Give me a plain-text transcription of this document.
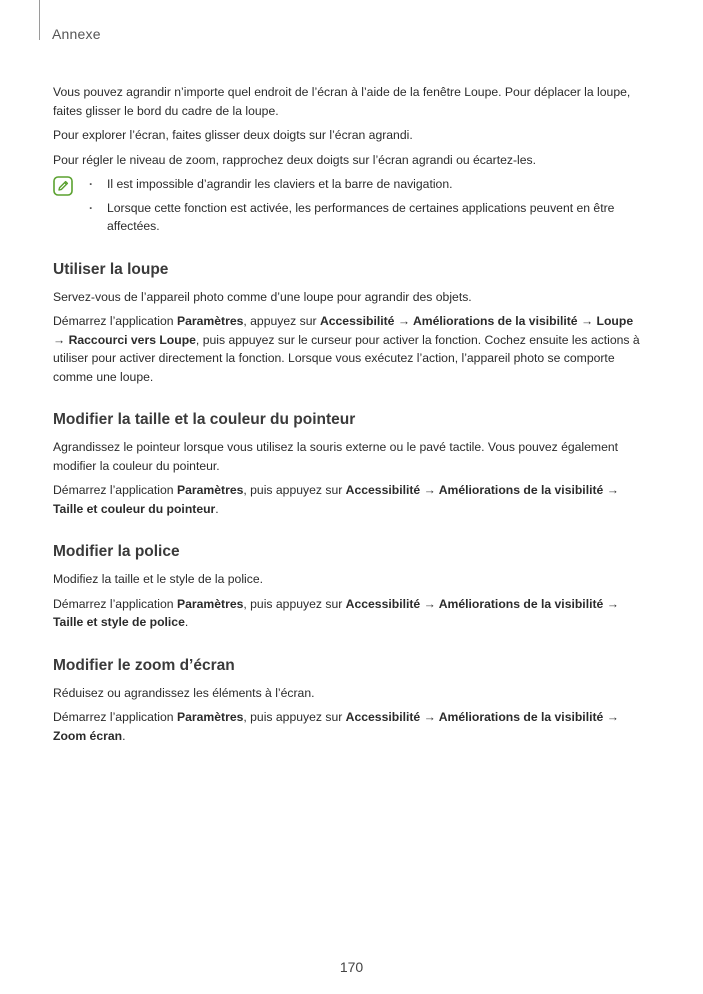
Annexe

Vous pouvez agrandir n’importe quel endroit de l’écran à l’aide de la fenêtre Loupe. Pour déplacer la loupe, faites glisser le bord du cadre de la loupe.

Pour explorer l’écran, faites glisser deux doigts sur l’écran agrandi.

Pour régler le niveau de zoom, rapprochez deux doigts sur l’écran agrandi ou écartez-les.

· Il est impossible d’agrandir les claviers et la barre de navigation.
· Lorsque cette fonction est activée, les performances de certaines applications peuvent en être affectées.
Utiliser la loupe

Servez-vous de l’appareil photo comme d’une loupe pour agrandir des objets.

Démarrez l’application Paramètres, appuyez sur Accessibilité → Améliorations de la visibilité → Loupe
→ Raccourci vers Loupe, puis appuyez sur le curseur pour activer la fonction. Cochez ensuite les actions à utiliser pour activer directement la fonction. Lorsque vous exécutez l’action, l’appareil photo se comporte comme une loupe.

Modifier la taille et la couleur du pointeur

Agrandissez le pointeur lorsque vous utilisez la souris externe ou le pavé tactile. Vous pouvez également modifier la couleur du pointeur.

Démarrez l’application Paramètres, puis appuyez sur Accessibilité → Améliorations de la visibilité → Taille et couleur du pointeur.

Modifier la police

Modifiez la taille et le style de la police.

Démarrez l’application Paramètres, puis appuyez sur Accessibilité → Améliorations de la visibilité → Taille et style de police.

Modifier le zoom d’écran

Réduisez ou agrandissez les éléments à l’écran.

Démarrez l’application Paramètres, puis appuyez sur Accessibilité → Améliorations de la visibilité →
Zoom écran.

170
